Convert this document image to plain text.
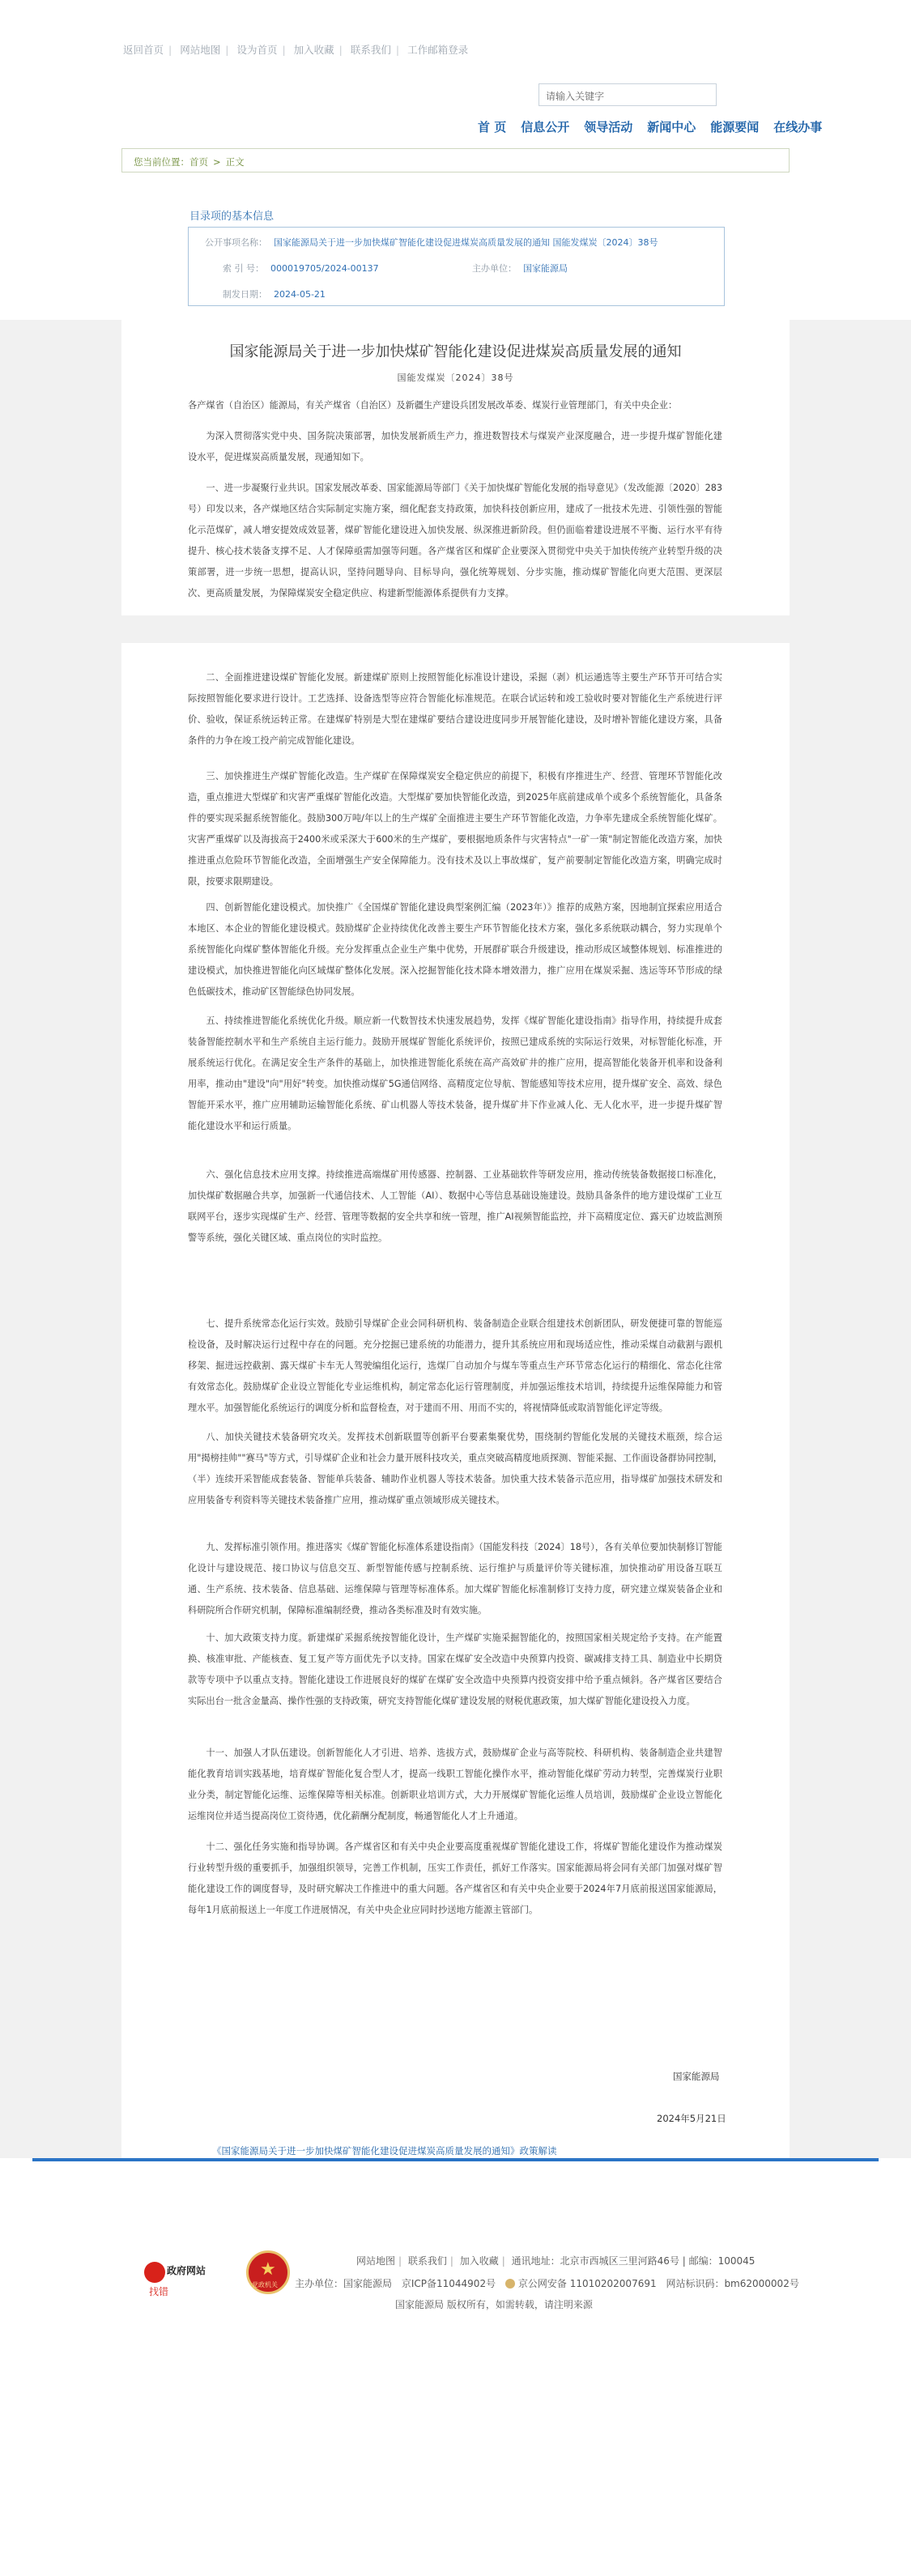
返回首页 | 网站地图 | 设为首页 | 加入收藏 | 联系我们 | 工作邮箱登录
请输入关键字
首 页 信息公开 领导活动 新闻中心 能源要闻 在线办事
您当前位置：首页 > 正文
目录项的基本信息
公开事项名称： 国家能源局关于进一步加快煤矿智能化建设促进煤炭高质量发展的通知 国能发煤炭〔2024〕38号
索 引 号： 000019705/2024-00137	主办单位： 国家能源局
制发日期： 2024-05-21
国家能源局关于进一步加快煤矿智能化建设促进煤炭高质量发展的通知
国能发煤炭〔2024〕38号
各产煤省（自治区）能源局，有关产煤省（自治区）及新疆生产建设兵团发展改革委、煤炭行业管理部门，有关中央企业：
为深入贯彻落实党中央、国务院决策部署，加快发展新质生产力，推进数智技术与煤炭产业深度融合，进一步提升煤矿智能化建设水平，促进煤炭高质量发展，现通知如下。
一、进一步凝聚行业共识。国家发展改革委、国家能源局等部门《关于加快煤矿智能化发展的指导意见》（发改能源〔2020〕283号）印发以来，各产煤地区结合实际制定实施方案，细化配套支持政策，加快科技创新应用，建成了一批技术先进、引领性强的智能化示范煤矿，减人增安提效成效显著，煤矿智能化建设进入加快发展、纵深推进新阶段。但仍面临着建设进展不平衡、运行水平有待提升、核心技术装备支撑不足、人才保障亟需加强等问题。各产煤省区和煤矿企业要深入贯彻党中央关于加快传统产业转型升级的决策部署，进一步统一思想，提高认识，坚持问题导向、目标导向，强化统筹规划、分步实施，推动煤矿智能化向更大范围、更深层次、更高质量发展，为保障煤炭安全稳定供应、构建新型能源体系提供有力支撑。
二、全面推进建设煤矿智能化发展。新建煤矿原则上按照智能化标准设计建设，采掘（剥）机运通选等主要生产环节开可结合实际按照智能化要求进行设计。工艺选择、设备选型等应符合智能化标准规范。在联合试运转和竣工验收时要对智能化生产系统进行评价、验收，保证系统运转正常。在建煤矿特别是大型在建煤矿要结合建设进度同步开展智能化建设，及时增补智能化建设方案，具备条件的力争在竣工投产前完成智能化建设。
三、加快推进生产煤矿智能化改造。生产煤矿在保障煤炭安全稳定供应的前提下，积极有序推进生产、经营、管理环节智能化改造，重点推进大型煤矿和灾害严重煤矿智能化改造。大型煤矿要加快智能化改造，到2025年底前建成单个或多个系统智能化，具备条件的要实现采掘系统智能化。鼓励300万吨/年以上的生产煤矿全面推进主要生产环节智能化改造，力争率先建成全系统智能化煤矿。灾害严重煤矿以及海拔高于2400米或采深大于600米的生产煤矿，要根据地质条件与灾害特点"一矿一策"制定智能化改造方案，加快推进重点危险环节智能化改造，全面增强生产安全保障能力。没有技术及以上事故煤矿，复产前要制定智能化改造方案，明确完成时限，按要求限期建设。
四、创新智能化建设模式。加快推广《全国煤矿智能化建设典型案例汇编（2023年）》推荐的成熟方案，因地制宜探索应用适合本地区、本企业的智能化建设模式。鼓励煤矿企业持续优化改善主要生产环节智能化技术方案，强化多系统联动耦合，努力实现单个系统智能化向煤矿整体智能化升级。充分发挥重点企业生产集中优势，开展群矿联合升级建设，推动形成区域整体规划、标准推进的建设模式，加快推进智能化向区域煤矿整体化发展。深入挖掘智能化技术降本增效潜力，推广应用在煤炭采掘、选运等环节形成的绿色低碳技术，推动矿区智能绿色协同发展。
五、持续推进智能化系统优化升级。顺应新一代数智技术快速发展趋势，发挥《煤矿智能化建设指南》指导作用，持续提升成套装备智能控制水平和生产系统自主运行能力。鼓励开展煤矿智能化系统评价，按照已建成系统的实际运行效果，对标智能化标准，开展系统运行优化。在满足安全生产条件的基础上，加快推进智能化系统在高产高效矿井的推广应用，提高智能化装备开机率和设备利用率，推动由"建设"向"用好"转变。加快推动煤矿5G通信网络、高精度定位导航、智能感知等技术应用，提升煤矿安全、高效、绿色智能开采水平，推广应用辅助运输智能化系统、矿山机器人等技术装备，提升煤矿井下作业减人化、无人化水平，进一步提升煤矿智能化建设水平和运行质量。
六、强化信息技术应用支撑。持续推进高端煤矿用传感器、控制器、工业基础软件等研发应用，推动传统装备数据接口标准化，加快煤矿数据融合共享，加强新一代通信技术、人工智能（AI）、数据中心等信息基础设施建设。鼓励具备条件的地方建设煤矿工业互联网平台，逐步实现煤矿生产、经营、管理等数据的安全共享和统一管理，推广AI视频智能监控，并下高精度定位、露天矿边坡监测预警等系统，强化关键区域、重点岗位的实时监控。
七、提升系统常态化运行实效。鼓励引导煤矿企业会同科研机构、装备制造企业联合组建技术创新团队，研发便捷可靠的智能巡检设备，及时解决运行过程中存在的问题。充分挖掘已建系统的功能潜力，提升其系统应用和现场适应性，推动采煤自动截割与跟机移架、掘进远控截割、露天煤矿卡车无人驾驶编组化运行，选煤厂自动加介与煤车等重点生产环节常态化运行的精细化、常态化往常有效常态化。鼓励煤矿企业设立智能化专业运维机构，制定常态化运行管理制度，并加强运维技术培训，持续提升运维保障能力和管理水平。加强智能化系统运行的调度分析和监督检查，对于建而不用、用而不实的，将视情降低或取消智能化评定等级。
八、加快关键技术装备研究攻关。发挥技术创新联盟等创新平台要素集聚优势，围绕制约智能化发展的关键技术瓶颈，综合运用"揭榜挂帅""赛马"等方式，引导煤矿企业和社会力量开展科技攻关，重点突破高精度地质探测、智能采掘、工作面设备群协同控制，（半）连续开采智能成套装备、智能单兵装备、辅助作业机器人等技术装备。加快重大技术装备示范应用，指导煤矿加强技术研发和应用装备专利资料等关键技术装备推广应用，推动煤矿重点领域形成关键技术。
九、发挥标准引领作用。推进落实《煤矿智能化标准体系建设指南》（国能发科技〔2024〕18号），各有关单位要加快制修订智能化设计与建设规范、接口协议与信息交互、新型智能传感与控制系统、运行维护与质量评价等关键标准，加快推动矿用设备互联互通、生产系统、技术装备、信息基础、运维保障与管理等标准体系。加大煤矿智能化标准制修订支持力度，研究建立煤炭装备企业和科研院所合作研究机制，保障标准编制经费，推动各类标准及时有效实施。
十、加大政策支持力度。新建煤矿采掘系统按智能化设计，生产煤矿实施采掘智能化的，按照国家相关规定给予支持。在产能置换、核准审批、产能核查、复工复产等方面优先予以支持。国家在煤矿安全改造中央预算内投资、碳减排支持工具、制造业中长期贷款等专项中予以重点支持。智能化建设工作进展良好的煤矿在煤矿安全改造中央预算内投资安排中给予重点倾斜。各产煤省区要结合实际出台一批含金量高、操作性强的支持政策，研究支持智能化煤矿建设发展的财税优惠政策，加大煤矿智能化建设投入力度。
十一、加强人才队伍建设。创新智能化人才引进、培养、选拔方式，鼓励煤矿企业与高等院校、科研机构、装备制造企业共建智能化教育培训实践基地，培育煤矿智能化复合型人才，提高一线职工智能化操作水平，推动智能化煤矿劳动力转型，完善煤炭行业职业分类，制定智能化运维、运维保障等相关标准。创新职业培训方式，大力开展煤矿智能化运维人员培训，鼓励煤矿企业设立智能化运维岗位并适当提高岗位工资待遇，优化薪酬分配制度，畅通智能化人才上升通道。
十二、强化任务实施和指导协调。各产煤省区和有关中央企业要高度重视煤矿智能化建设工作，将煤矿智能化建设作为推动煤炭行业转型升级的重要抓手，加强组织领导，完善工作机制，压实工作责任，抓好工作落实。国家能源局将会同有关部门加强对煤矿智能化建设工作的调度督导，及时研究解决工作推进中的重大问题。各产煤省区和有关中央企业要于2024年7月底前报送国家能源局，每年1月底前报送上一年度工作进展情况，有关中央企业应同时抄送地方能源主管部门。
国家能源局
2024年5月21日
《国家能源局关于进一步加快煤矿智能化建设促进煤炭高质量发展的通知》政策解读
政府网站
找错
★
党政机关
网站地图 | 联系我们 | 加入收藏 | 通讯地址：北京市西城区三里河路46号 | 邮编：100045
主办单位：国家能源局 京ICP备11044902号 京公网安备 11010202007691 网站标识码：bm62000002号
国家能源局 版权所有，如需转载，请注明来源
